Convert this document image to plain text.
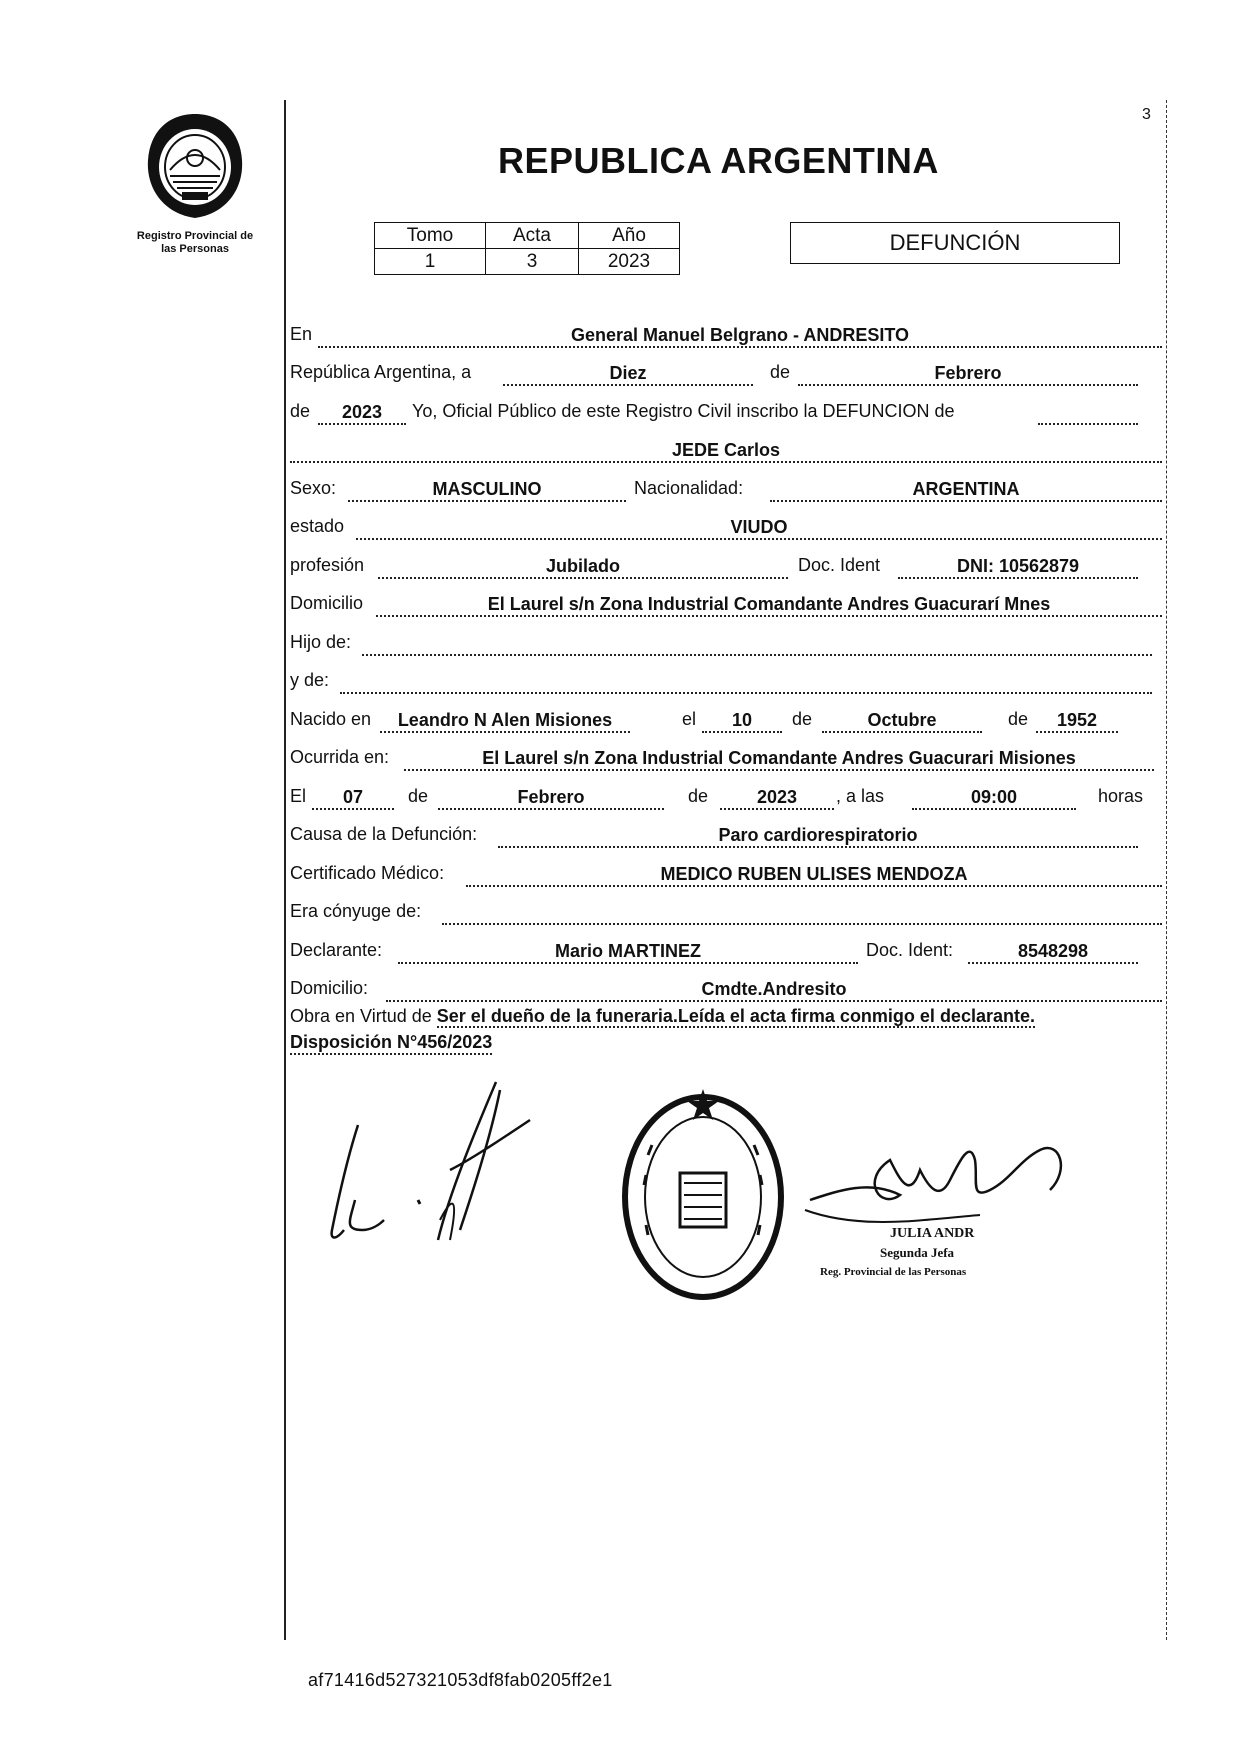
Registro Provincial de
las Personas
3
REPUBLICA ARGENTINA
Tomo	Acta	Año
1	3	2023
DEFUNCIÓN
En	General Manuel Belgrano - ANDRESITO
República Argentina, a	Diez	de	Febrero
de	2023	Yo, Oficial Público de este Registro Civil inscribo la DEFUNCION de
JEDE Carlos
Sexo:	MASCULINO	Nacionalidad:	ARGENTINA
estado	VIUDO
profesión	Jubilado	Doc. Ident	DNI: 10562879
Domicilio	El Laurel s/n Zona Industrial Comandante Andres Guacurarí Mnes
Hijo de:
y de:
Nacido en	Leandro N Alen Misiones	el	10	de	Octubre	de	1952
Ocurrida en:	El Laurel s/n Zona Industrial Comandante Andres Guacurari Misiones
El	07	de	Febrero	de	2023	, a las	09:00	horas
Causa de la Defunción:	Paro cardiorespiratorio
Certificado Médico:	MEDICO RUBEN ULISES MENDOZA
Era cónyuge de:
Declarante:	Mario MARTINEZ	Doc. Ident:	8548298
Domicilio:	Cmdte.Andresito
Obra en Virtud de Ser el dueño de la funeraria.Leída el acta firma conmigo el declarante.
Disposición N°456/2023
JULIA ANDR
Segunda Jefa
Reg. Provincial de las Personas
af71416d527321053df8fab0205ff2e1
